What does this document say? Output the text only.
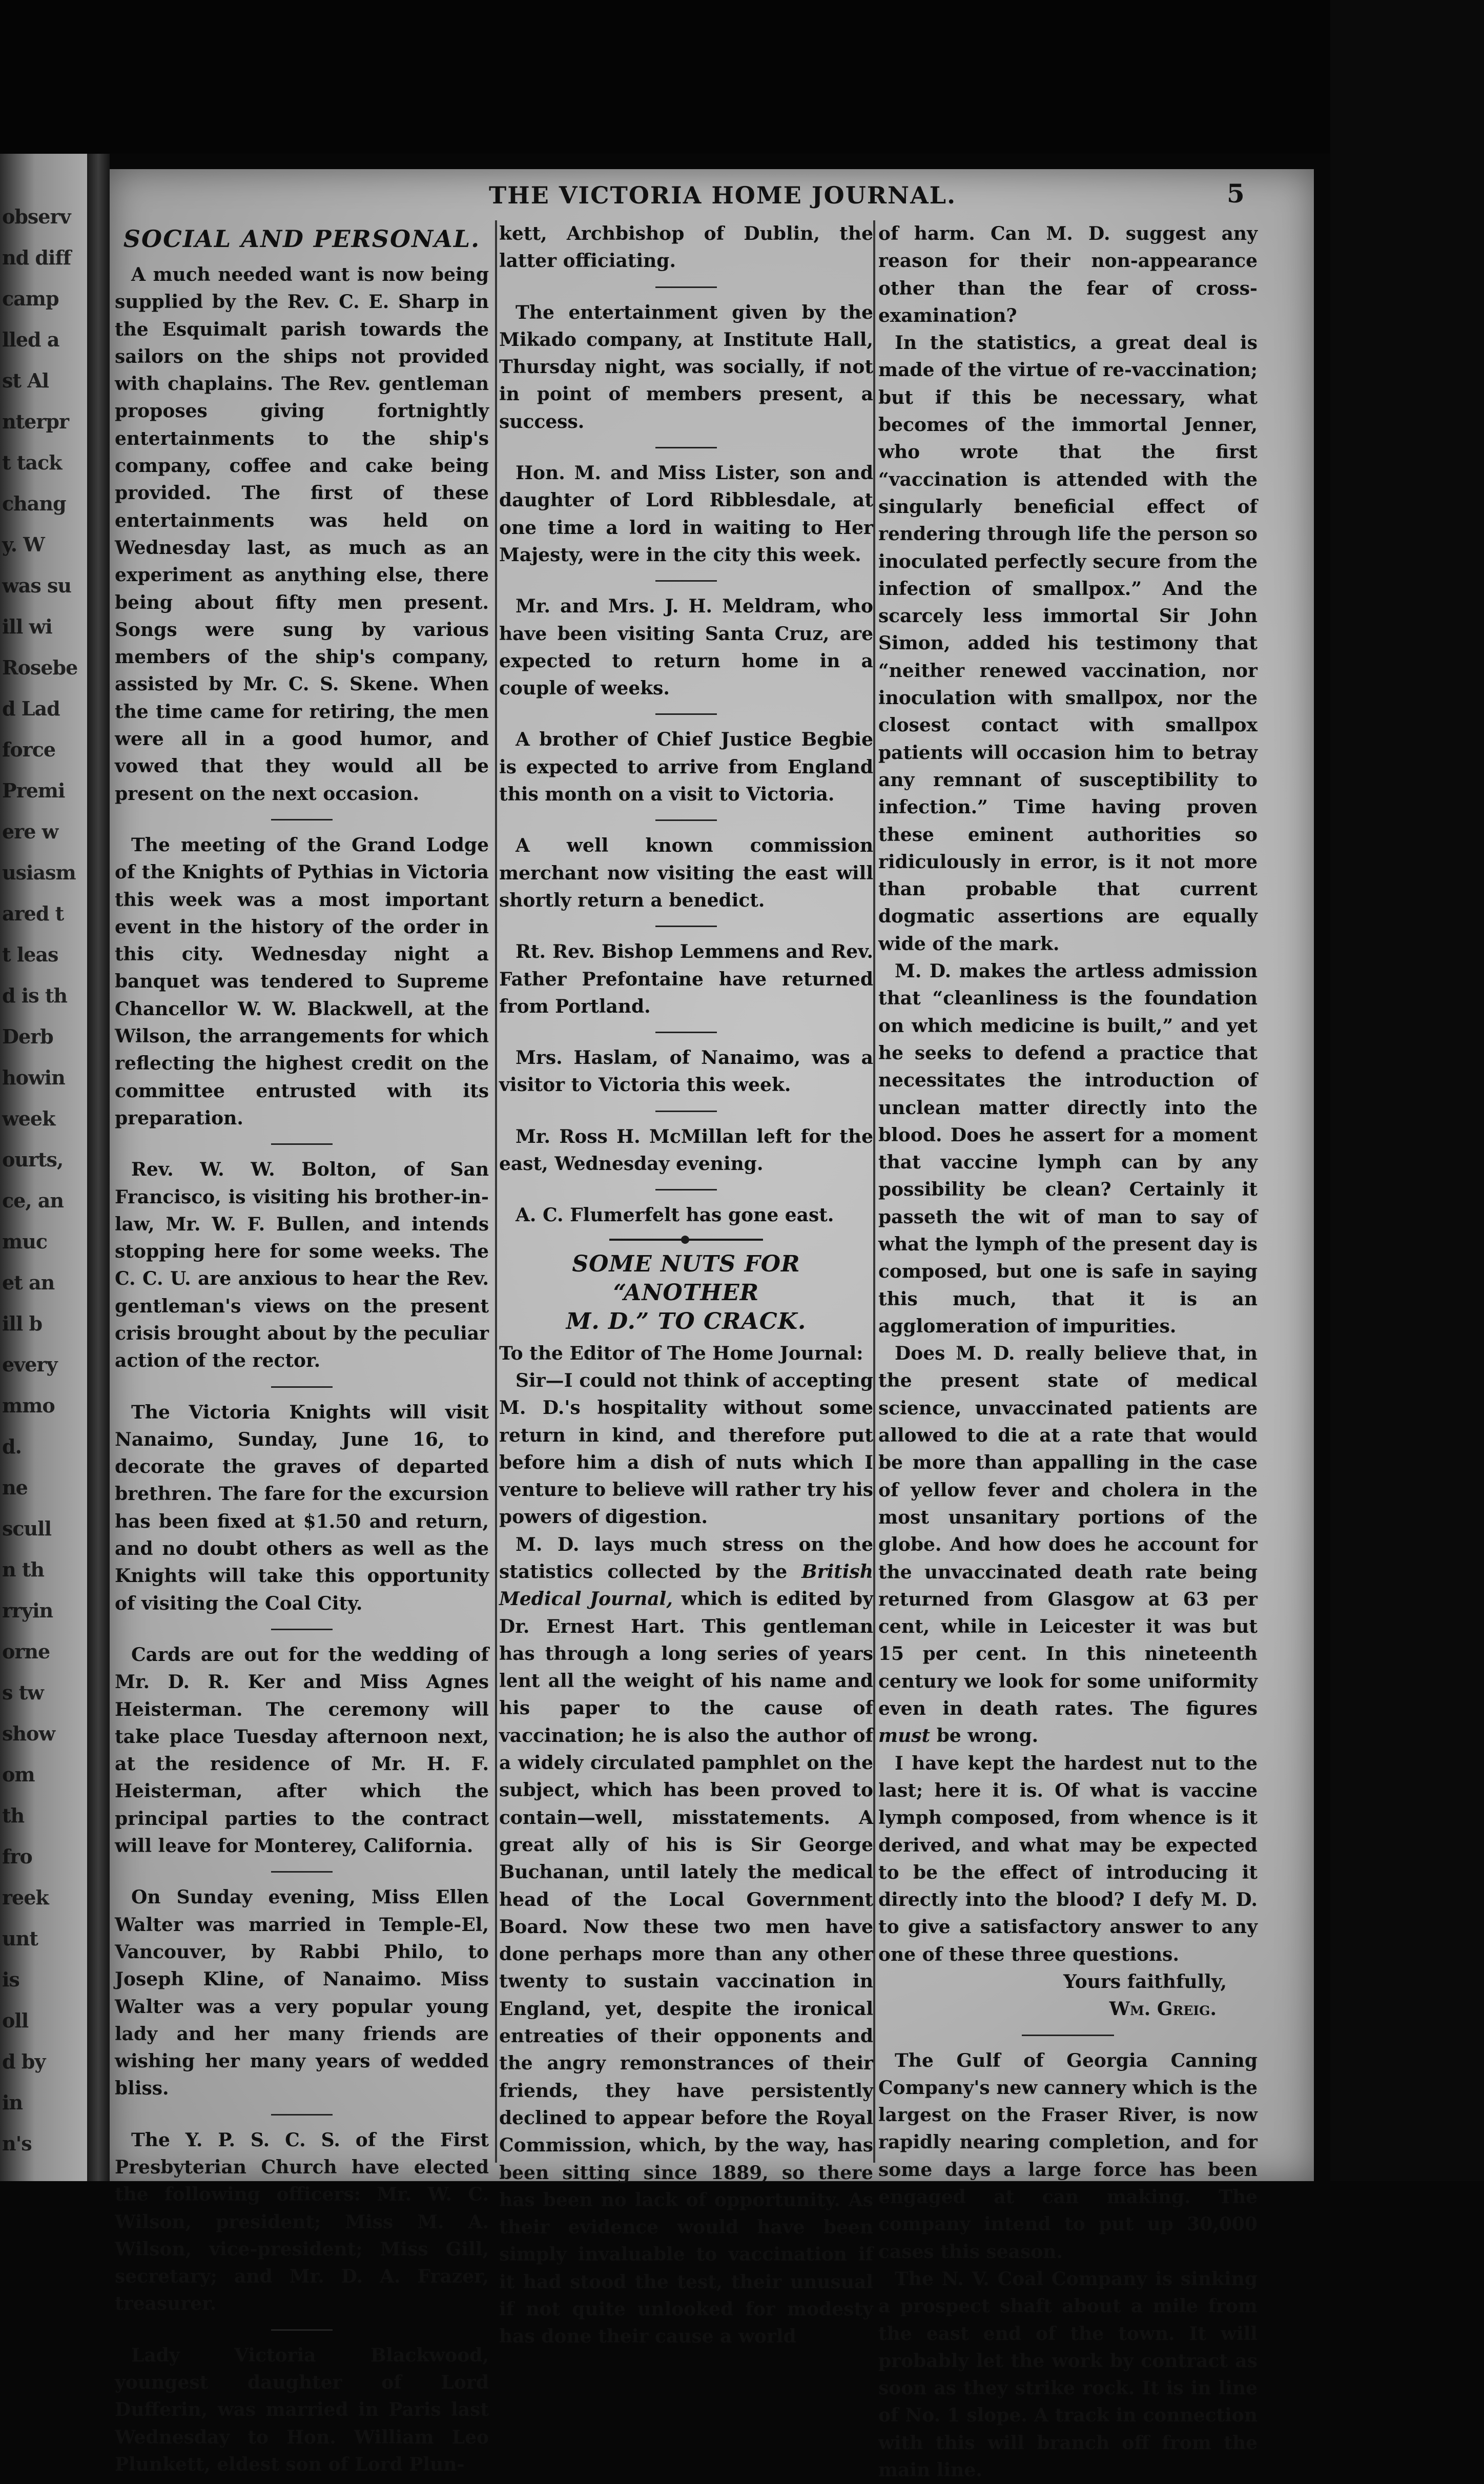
observ
nd diff
camp
lled a
st Al
nterpr
t tack
chang
y. W
was su
ill wi
Rosebe
d Lad
force
Premi
ere w
usiasm
ared t
t leas
d is th
Derb
howin
week
ourts,
ce, an
muc
et an
ill b
every
mmo
d.
ne
scull
n th
rryin
orne
s tw
show
om
th
fro
reek
unt
is
oll
d by
in
n's
THE VICTORIA HOME JOURNAL.	5
SOCIAL AND PERSONAL.

A much needed want is now being supplied by the Rev. C. E. Sharp in the Esquimalt parish towards the sailors on the ships not provided with chaplains. The Rev. gentleman proposes giving fortnightly entertainments to the ship's company, coffee and cake being provided. The first of these entertainments was held on Wednesday last, as much as an experiment as anything else, there being about fifty men present. Songs were sung by various members of the ship's company, assisted by Mr. C. S. Skene. When the time came for retiring, the men were all in a good humor, and vowed that they would all be present on the next occasion.

The meeting of the Grand Lodge of the Knights of Pythias in Victoria this week was a most important event in the history of the order in this city. Wednesday night a banquet was tendered to Supreme Chancellor W. W. Blackwell, at the Wilson, the arrangements for which reflecting the highest credit on the committee entrusted with its preparation.

Rev. W. W. Bolton, of San Francisco, is visiting his brother-in-law, Mr. W. F. Bullen, and intends stopping here for some weeks. The C. C. U. are anxious to hear the Rev. gentleman's views on the present crisis brought about by the peculiar action of the rector.

The Victoria Knights will visit Nanaimo, Sunday, June 16, to decorate the graves of departed brethren. The fare for the excursion has been fixed at $1.50 and return, and no doubt others as well as the Knights will take this opportunity of visiting the Coal City.

Cards are out for the wedding of Mr. D. R. Ker and Miss Agnes Heisterman. The ceremony will take place Tuesday afternoon next, at the residence of Mr. H. F. Heisterman, after which the principal parties to the contract will leave for Monterey, California.

On Sunday evening, Miss Ellen Walter was married in Temple-El, Vancouver, by Rabbi Philo, to Joseph Kline, of Nanaimo. Miss Walter was a very popular young lady and her many friends are wishing her many years of wedded bliss.

The Y. P. S. C. S. of the First Presbyterian Church have elected the following officers: Mr. W. C. Wilson, president; Miss M. A. Wilson, vice-president; Miss Gill, secretary; and Mr. D. A. Frazer, treasurer.

Lady Victoria Blackwood, youngest daughter of Lord Dufferin, was married in Paris last Wednesday to Hon. William Leo Plunkett, eldest son of Lord Plun-

kett, Archbishop of Dublin, the latter officiating.

The entertainment given by the Mikado company, at Institute Hall, Thursday night, was socially, if not in point of members present, a success.

Hon. M. and Miss Lister, son and daughter of Lord Ribblesdale, at one time a lord in waiting to Her Majesty, were in the city this week.

Mr. and Mrs. J. H. Meldram, who have been visiting Santa Cruz, are expected to return home in a couple of weeks.

A brother of Chief Justice Begbie is expected to arrive from England this month on a visit to Victoria.

A well known commission merchant now visiting the east will shortly return a benedict.

Rt. Rev. Bishop Lemmens and Rev. Father Prefontaine have returned from Portland.

Mrs. Haslam, of Nanaimo, was a visitor to Victoria this week.

Mr. Ross H. McMillan left for the east, Wednesday evening.

A. C. Flumerfelt has gone east.

SOME NUTS FOR “ANOTHER
M. D.” TO CRACK.

To the Editor of The Home Journal:

Sir—I could not think of accepting M. D.'s hospitality without some return in kind, and therefore put before him a dish of nuts which I venture to believe will rather try his powers of digestion.

M. D. lays much stress on the statistics collected by the British Medical Journal, which is edited by Dr. Ernest Hart. This gentleman has through a long series of years lent all the weight of his name and his paper to the cause of vaccination; he is also the author of a widely circulated pamphlet on the subject, which has been proved to contain—well, misstatements. A great ally of his is Sir George Buchanan, until lately the medical head of the Local Government Board. Now these two men have done perhaps more than any other twenty to sustain vaccination in England, yet, despite the ironical entreaties of their opponents and the angry remonstrances of their friends, they have persistently declined to appear before the Royal Commission, which, by the way, has been sitting since 1889, so there has been no lack of opportunity. As their evidence would have been simply invaluable to vaccination if it had stood the test, their unusual if not quite unlooked for modesty has done their cause a world

of harm. Can M. D. suggest any reason for their non-appearance other than the fear of cross-examination?

In the statistics, a great deal is made of the virtue of re-vaccination; but if this be necessary, what becomes of the immortal Jenner, who wrote that the first “vaccination is attended with the singularly beneficial effect of rendering through life the person so inoculated perfectly secure from the infection of smallpox.” And the scarcely less immortal Sir John Simon, added his testimony that “neither renewed vaccination, nor inoculation with smallpox, nor the closest contact with smallpox patients will occasion him to betray any remnant of susceptibility to infection.” Time having proven these eminent authorities so ridiculously in error, is it not more than probable that current dogmatic assertions are equally wide of the mark.

M. D. makes the artless admission that “cleanliness is the foundation on which medicine is built,” and yet he seeks to defend a practice that necessitates the introduction of unclean matter directly into the blood. Does he assert for a moment that vaccine lymph can by any possibility be clean? Certainly it passeth the wit of man to say of what the lymph of the present day is composed, but one is safe in saying this much, that it is an agglomeration of impurities.

Does M. D. really believe that, in the present state of medical science, unvaccinated patients are allowed to die at a rate that would be more than appalling in the case of yellow fever and cholera in the most unsanitary portions of the globe. And how does he account for the unvaccinated death rate being returned from Glasgow at 63 per cent, while in Leicester it was but 15 per cent. In this nineteenth century we look for some uniformity even in death rates. The figures must be wrong.

I have kept the hardest nut to the last; here it is. Of what is vaccine lymph composed, from whence is it derived, and what may be expected to be the effect of introducing it directly into the blood? I defy M. D. to give a satisfactory answer to any one of these three questions.

Yours faithfully,

Wm. Greig.

The Gulf of Georgia Canning Company's new cannery which is the largest on the Fraser River, is now rapidly nearing completion, and for some days a large force has been engaged at can making. The company intend to put up 30,000 cases this season.

The N. V. Coal Company is sinking a prospect shaft about a mile from the east end of the town. It will probably let the work by contract as soon as they strike rock. It is in line of No. 1 slope. A track in connection with this will branch off from the main line.
